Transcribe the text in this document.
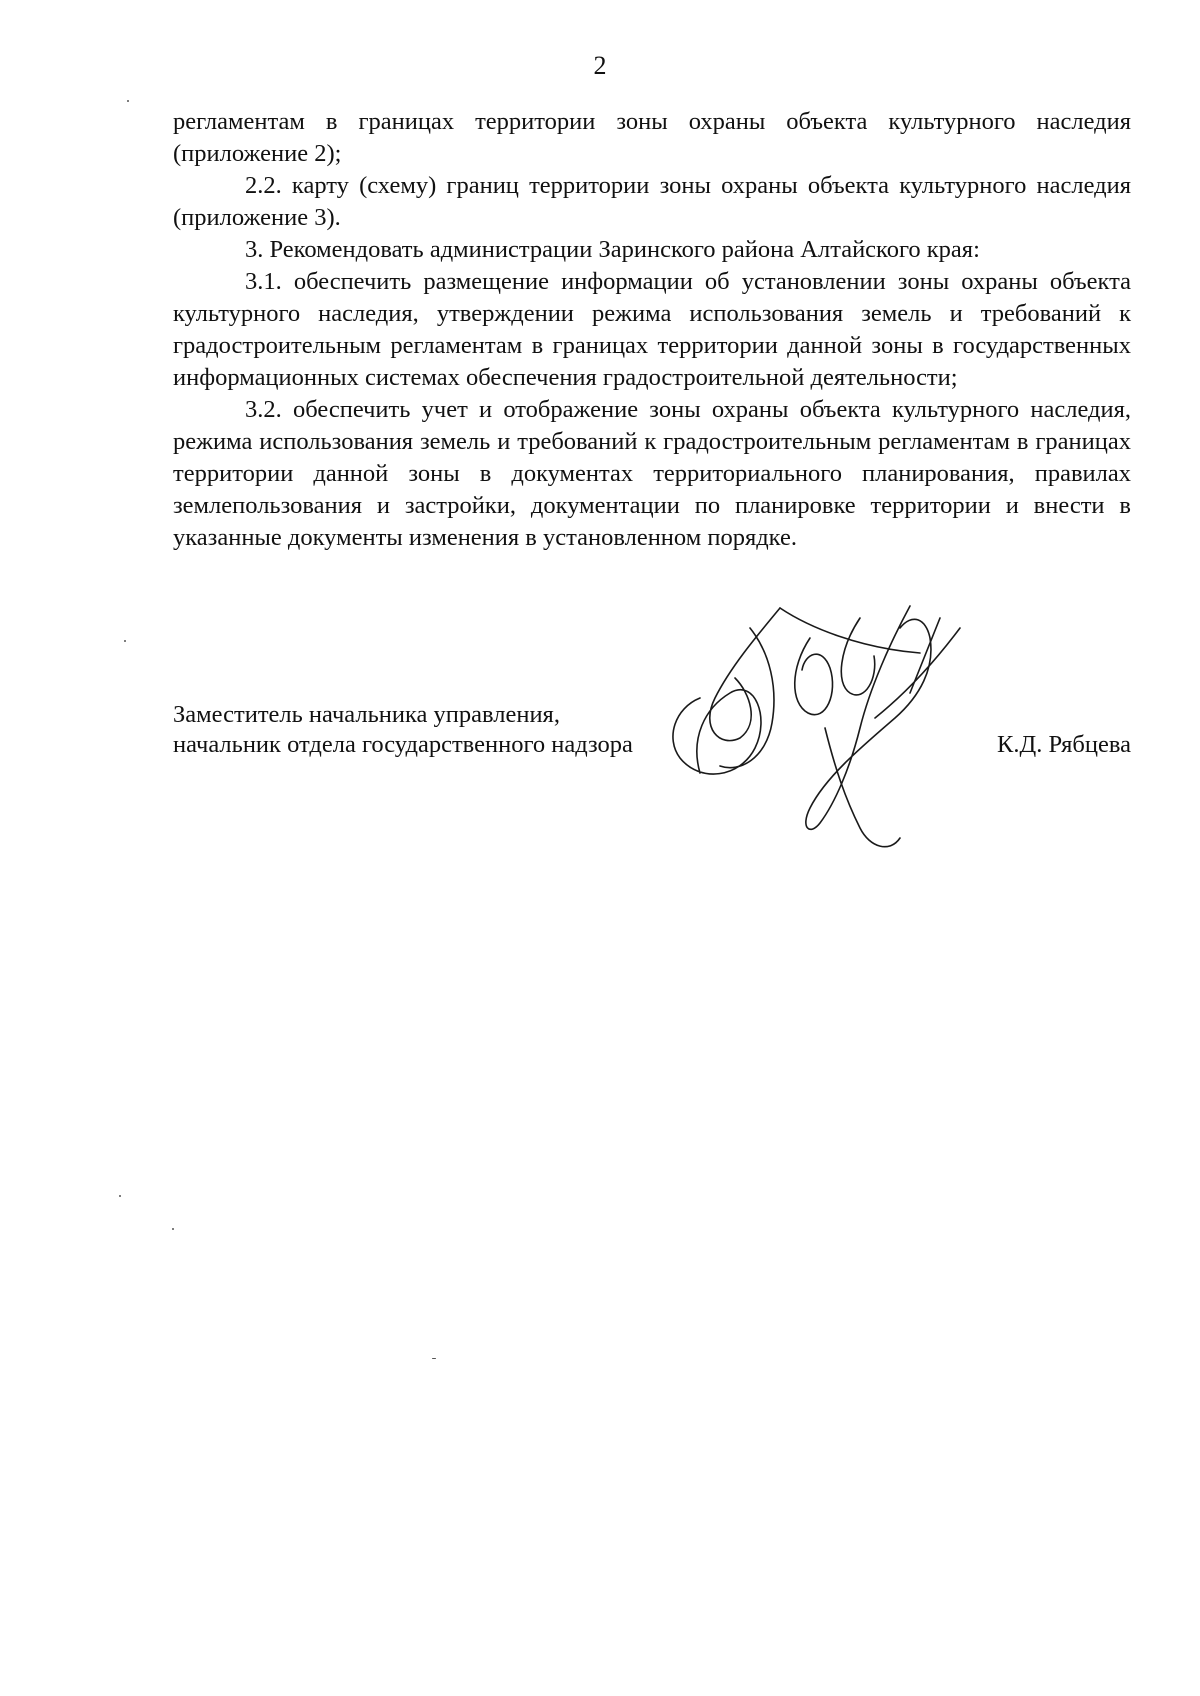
2

регламентам в границах территории зоны охраны объекта культурного наследия (приложение 2);

2.2. карту (схему) границ территории зоны охраны объекта культурного наследия (приложение 3).

3. Рекомендовать администрации Заринского района Алтайского края:

3.1. обеспечить размещение информации об установлении зоны охраны объекта культурного наследия, утверждении режима использования земель и требований к градостроительным регламентам в границах территории данной зоны в государственных информационных системах обеспечения градостроительной деятельности;

3.2. обеспечить учет и отображение зоны охраны объекта культурного наследия, режима использования земель и требований к градостроительным регламентам в границах территории данной зоны в документах территориального планирования, правилах землепользования и застройки, документации по планировке территории и внести в указанные документы изменения в установленном порядке.

Заместитель начальника управления,
начальник отдела государственного надзора	К.Д. Рябцева
